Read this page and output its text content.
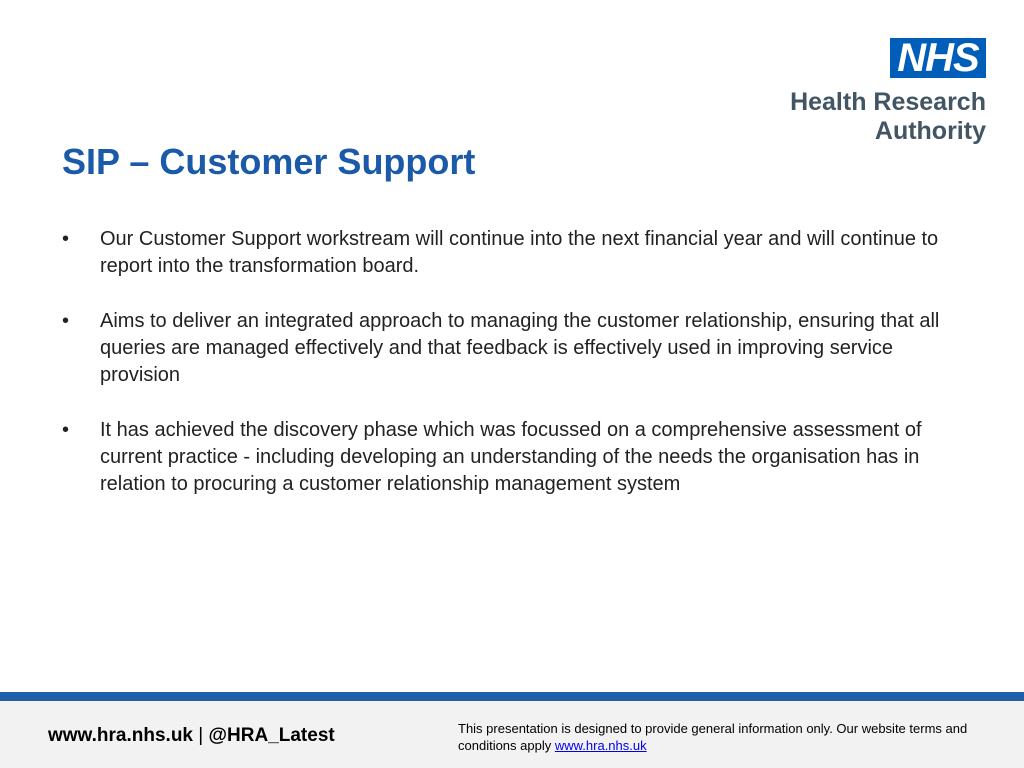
NHS
Health Research
Authority
SIP – Customer Support
•	Our Customer Support workstream will continue into the next financial year and will continue to report into the transformation board.
•	Aims to deliver an integrated approach to managing the customer relationship, ensuring that all queries are managed effectively and that feedback is effectively used in improving service provision
•	It has achieved the discovery phase which was focussed on a comprehensive assessment of current practice - including developing an understanding of the needs the organisation has in relation to procuring a customer relationship management system
www.hra.nhs.uk | @HRA_Latest	This presentation is designed to provide general information only. Our website terms and conditions apply www.hra.nhs.uk
